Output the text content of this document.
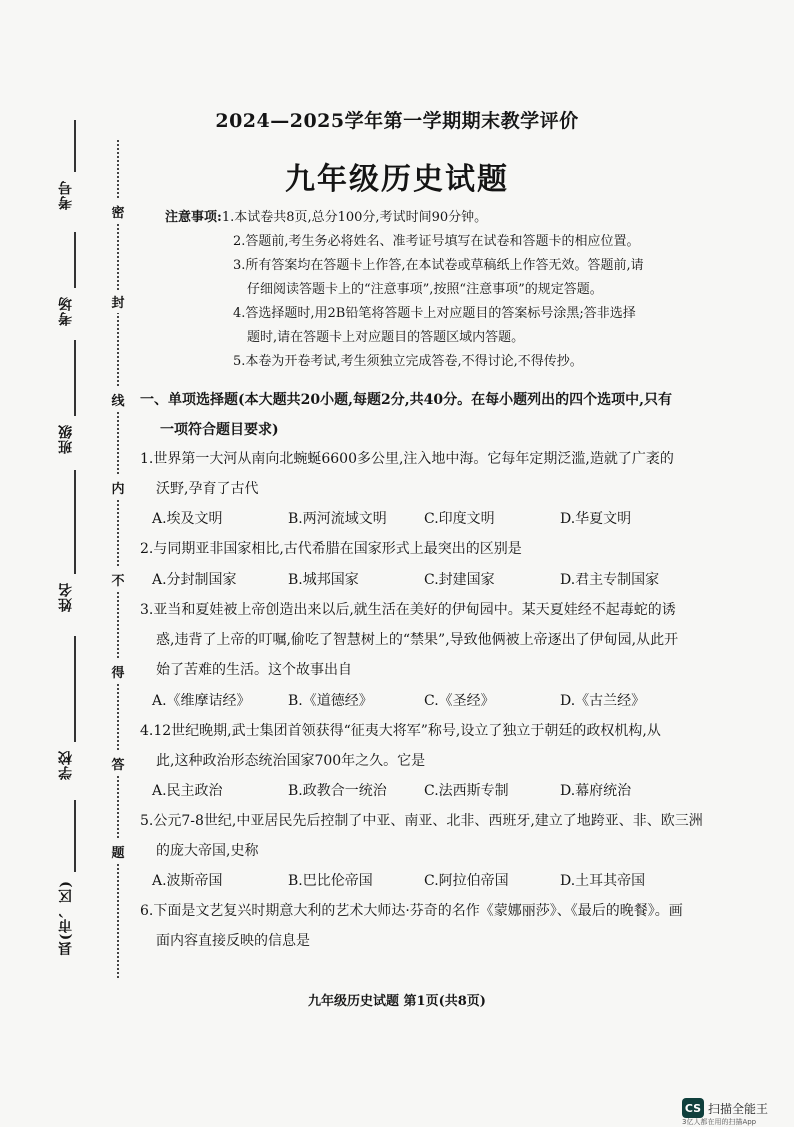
考号
考场
班级
姓名
学校
县(市、区)
密
封
线
内
不
得
答
题
2024—2025学年第一学期期末教学评价
九年级历史试题
注意事项:1.本试卷共8页,总分100分,考试时间90分钟。
2.答题前,考生务必将姓名、准考证号填写在试卷和答题卡的相应位置。
3.所有答案均在答题卡上作答,在本试卷或草稿纸上作答无效。答题前,请
仔细阅读答题卡上的“注意事项”,按照“注意事项”的规定答题。
4.答选择题时,用2B铅笔将答题卡上对应题目的答案标号涂黑;答非选择
题时,请在答题卡上对应题目的答题区域内答题。
5.本卷为开卷考试,考生须独立完成答卷,不得讨论,不得传抄。
一、单项选择题(本大题共20小题,每题2分,共40分。在每小题列出的四个选项中,只有
一项符合题目要求)
1.世界第一大河从南向北蜿蜒6600多公里,注入地中海。它每年定期泛滥,造就了广袤的
沃野,孕育了古代
A.埃及文明	B.两河流域文明	C.印度文明	D.华夏文明
2.与同期亚非国家相比,古代希腊在国家形式上最突出的区别是
A.分封制国家	B.城邦国家	C.封建国家	D.君主专制国家
3.亚当和夏娃被上帝创造出来以后,就生活在美好的伊甸园中。某天夏娃经不起毒蛇的诱
惑,违背了上帝的叮嘱,偷吃了智慧树上的“禁果”,导致他俩被上帝逐出了伊甸园,从此开
始了苦难的生活。这个故事出自
A.《维摩诘经》	B.《道德经》	C.《圣经》	D.《古兰经》
4.12世纪晚期,武士集团首领获得“征夷大将军”称号,设立了独立于朝廷的政权机构,从
此,这种政治形态统治国家700年之久。它是
A.民主政治	B.政教合一统治	C.法西斯专制	D.幕府统治
5.公元7-8世纪,中亚居民先后控制了中亚、南亚、北非、西班牙,建立了地跨亚、非、欧三洲
的庞大帝国,史称
A.波斯帝国	B.巴比伦帝国	C.阿拉伯帝国	D.土耳其帝国
6.下面是文艺复兴时期意大利的艺术大师达·芬奇的名作《蒙娜丽莎》、《最后的晚餐》。画
面内容直接反映的信息是
九年级历史试题 第1页(共8页)
CS 扫描全能王
3亿人都在用的扫描App
